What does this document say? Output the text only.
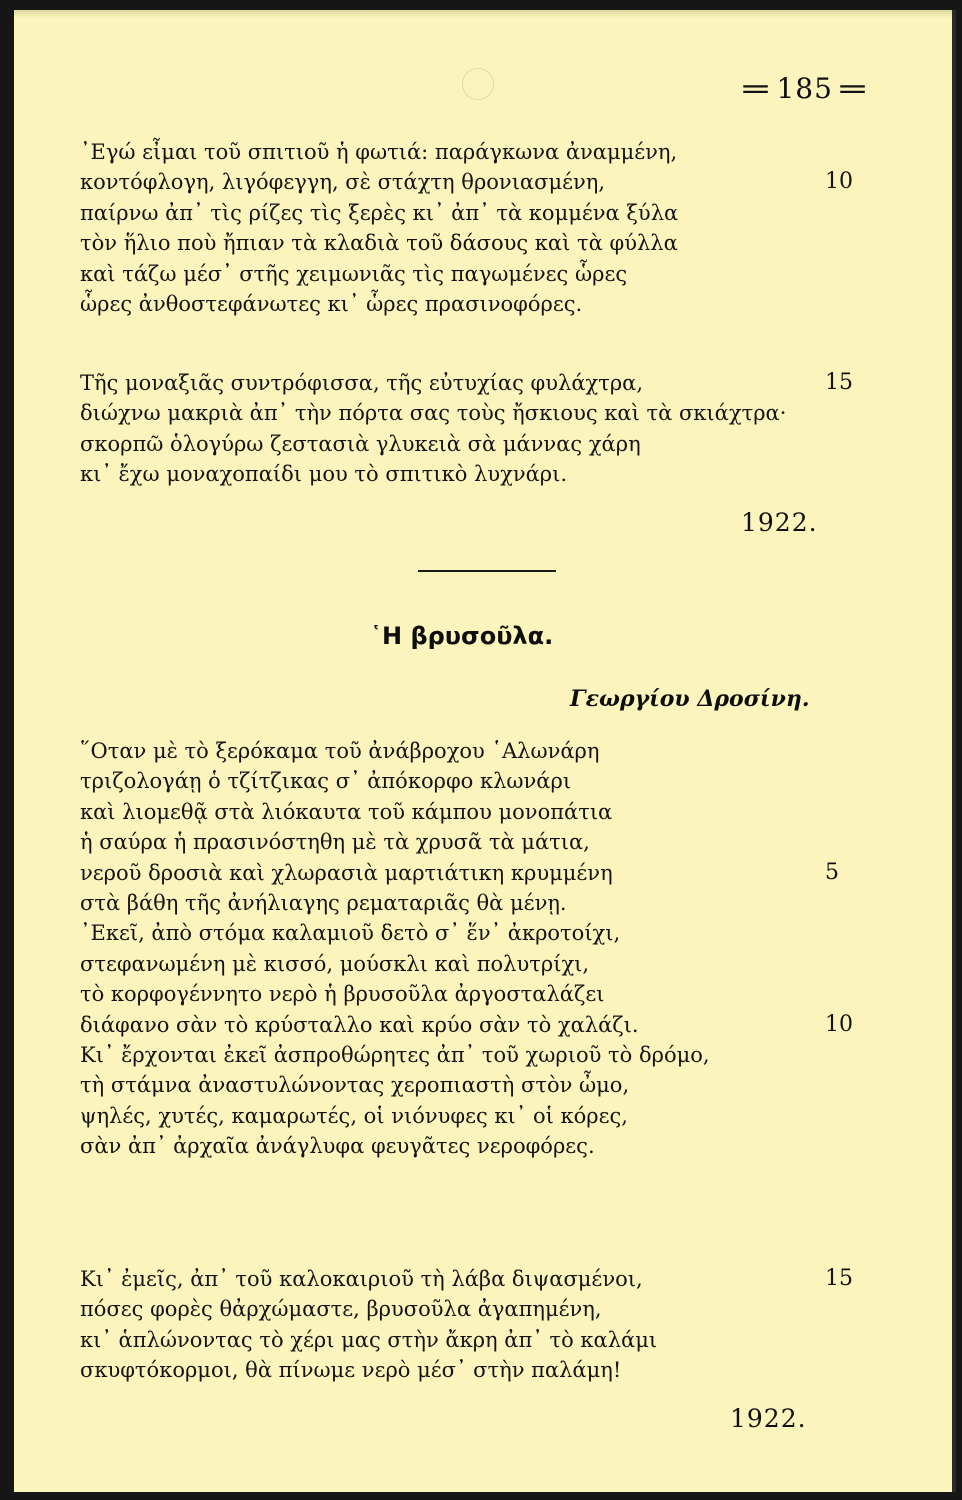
= 185 =
᾿Εγώ εἶμαι τοῦ σπιτιοῦ ἡ φωτιά: παράγκωνα ἀναμμένη,
κοντόφλογη, λιγόφεγγη, σὲ στάχτη θρονιασμένη,	10
παίρνω ἀπ᾿ τὶς ρίζες τὶς ξερὲς κι᾿ ἀπ᾿ τὰ κομμένα ξύλα
τὸν ἥλιο ποὺ ἤπιαν τὰ κλαδιὰ τοῦ δάσους καὶ τὰ φύλλα
καὶ τάζω μέσ᾿ στῆς χειμωνιᾶς τὶς παγωμένες ὧρες
ὧρες ἀνθοστεφάνωτες κι᾿ ὧρες πρασινοφόρες.
Τῆς μοναξιᾶς συντρόφισσα, τῆς εὐτυχίας φυλάχτρα,	15
διώχνω μακριὰ ἀπ᾿ τὴν πόρτα σας τοὺς ἤσκιους καὶ τὰ σκιάχτρα·
σκορπῶ ὁλογύρω ζεστασιὰ γλυκειὰ σὰ μάννας χάρη
κι᾿ ἔχω μοναχοπαίδι μου τὸ σπιτικὸ λυχνάρι.
1922.
῾Η βρυσοῦλα.
Γεωργίου Δροσίνη.
῞Οταν μὲ τὸ ξερόκαμα τοῦ ἀνάβροχου ῾Αλωνάρη
τριζολογάῃ ὁ τζίτζικας σ᾿ ἀπόκορφο κλωνάρι
καὶ λιομεθᾷ στὰ λιόκαυτα τοῦ κάμπου μονοπάτια
ἡ σαύρα ἡ πρασινόστηθη μὲ τὰ χρυσᾶ τὰ μάτια,
νεροῦ δροσιὰ καὶ χλωρασιὰ μαρτιάτικη κρυμμένη	5
στὰ βάθη τῆς ἀνήλιαγης ρεματαριᾶς θὰ μένῃ.
᾿Εκεῖ, ἀπὸ στόμα καλαμιοῦ δετὸ σ᾿ ἕν᾿ ἀκροτοίχι,
στεφανωμένη μὲ κισσό, μούσκλι καὶ πολυτρίχι,
τὸ κορφογέννητο νερὸ ἡ βρυσοῦλα ἀργοσταλάζει
διάφανο σὰν τὸ κρύσταλλο καὶ κρύο σὰν τὸ χαλάζι.	10
Κι᾿ ἔρχονται ἐκεῖ ἀσπροθώρητες ἀπ᾿ τοῦ χωριοῦ τὸ δρόμο,
τὴ στάμνα ἀναστυλώνοντας χεροπιαστὴ στὸν ὦμο,
ψηλές, χυτές, καμαρωτές, οἱ νιόνυφες κι᾿ οἱ κόρες,
σὰν ἀπ᾿ ἀρχαῖα ἀνάγλυφα φευγᾶτες νεροφόρες.
Κι᾿ ἐμεῖς, ἀπ᾿ τοῦ καλοκαιριοῦ τὴ λάβα διψασμένοι,	15
πόσες φορὲς θἀρχώμαστε, βρυσοῦλα ἀγαπημένη,
κι᾿ ἁπλώνοντας τὸ χέρι μας στὴν ἄκρη ἀπ᾿ τὸ καλάμι
σκυφτόκορμοι, θὰ πίνωμε νερὸ μέσ᾿ στὴν παλάμη!
1922.
